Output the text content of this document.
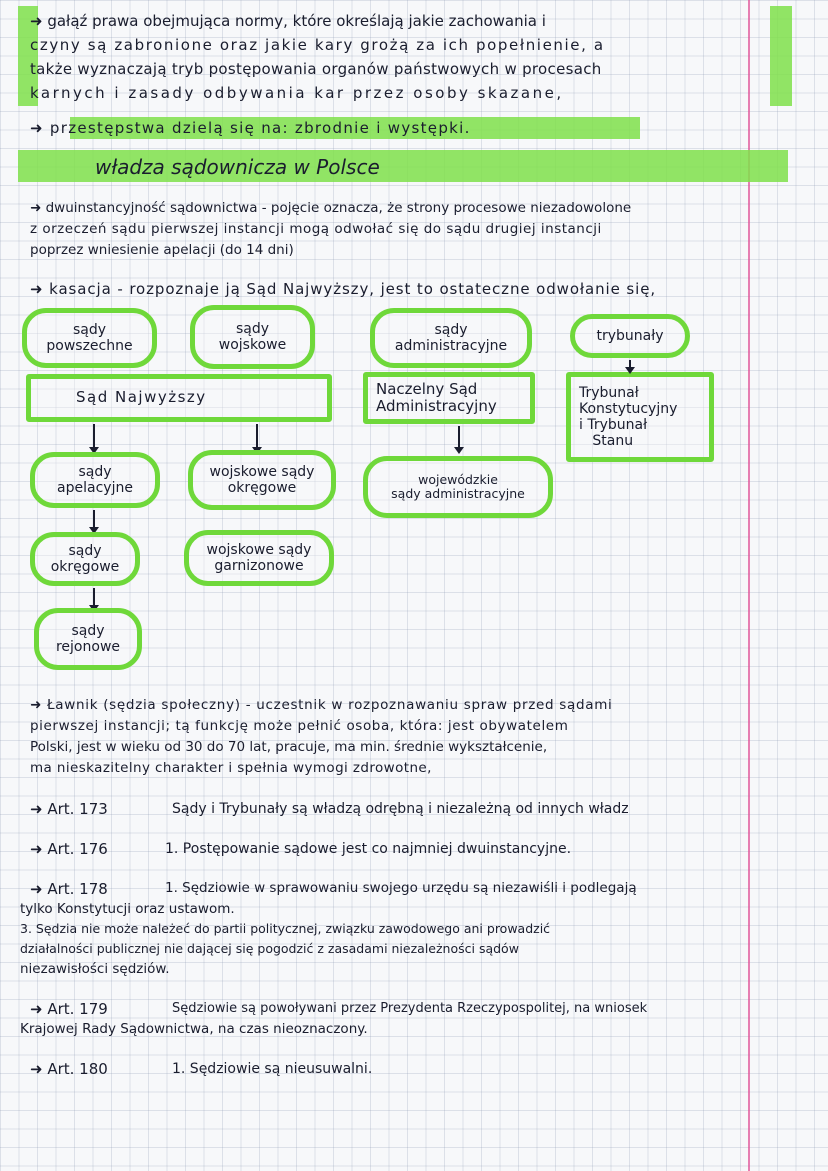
➜ gałąź prawa obejmująca normy, które określają jakie zachowania i
czyny są zabronione oraz jakie kary grożą za ich popełnienie, a
także wyznaczają tryb postępowania organów państwowych w procesach
karnych i zasady odbywania kar przez osoby skazane,
➜ przestępstwa dzielą się na: zbrodnie i występki.
władza sądownicza w Polsce
➜ dwuinstancyjność sądownictwa - pojęcie oznacza, że strony procesowe niezadowolone
z orzeczeń sądu pierwszej instancji mogą odwołać się do sądu drugiej instancji
poprzez wniesienie apelacji (do 14 dni)
➜ kasacja - rozpoznaje ją Sąd Najwyższy, jest to ostateczne odwołanie się,
sądy
powszechne
sądy
wojskowe
sądy
administracyjne
trybunały
Sąd Najwyższy	Naczelny Sąd
Administracyjny
Trybunał
Konstytucyjny
i Trybunał
Stanu
sądy
apelacyjne
wojskowe sądy
okręgowe
wojewódzkie
sądy administracyjne
sądy
okręgowe
wojskowe sądy
garnizonowe
sądy
rejonowe
➜ Ławnik (sędzia społeczny) - uczestnik w rozpoznawaniu spraw przed sądami
pierwszej instancji; tą funkcję może pełnić osoba, która: jest obywatelem
Polski, jest w wieku od 30 do 70 lat, pracuje, ma min. średnie wykształcenie,
ma nieskazitelny charakter i spełnia wymogi zdrowotne,
➜ Art. 173	Sądy i Trybunały są władzą odrębną i niezależną od innych władz
➜ Art. 176	1. Postępowanie sądowe jest co najmniej dwuinstancyjne.
➜ Art. 178	1. Sędziowie w sprawowaniu swojego urzędu są niezawiśli i podlegają
tylko Konstytucji oraz ustawom.
3. Sędzia nie może należeć do partii politycznej, związku zawodowego ani prowadzić
działalności publicznej nie dającej się pogodzić z zasadami niezależności sądów
niezawisłości sędziów.
➜ Art. 179	Sędziowie są powoływani przez Prezydenta Rzeczypospolitej, na wniosek
Krajowej Rady Sądownictwa, na czas nieoznaczony.
➜ Art. 180	1. Sędziowie są nieusuwalni.
